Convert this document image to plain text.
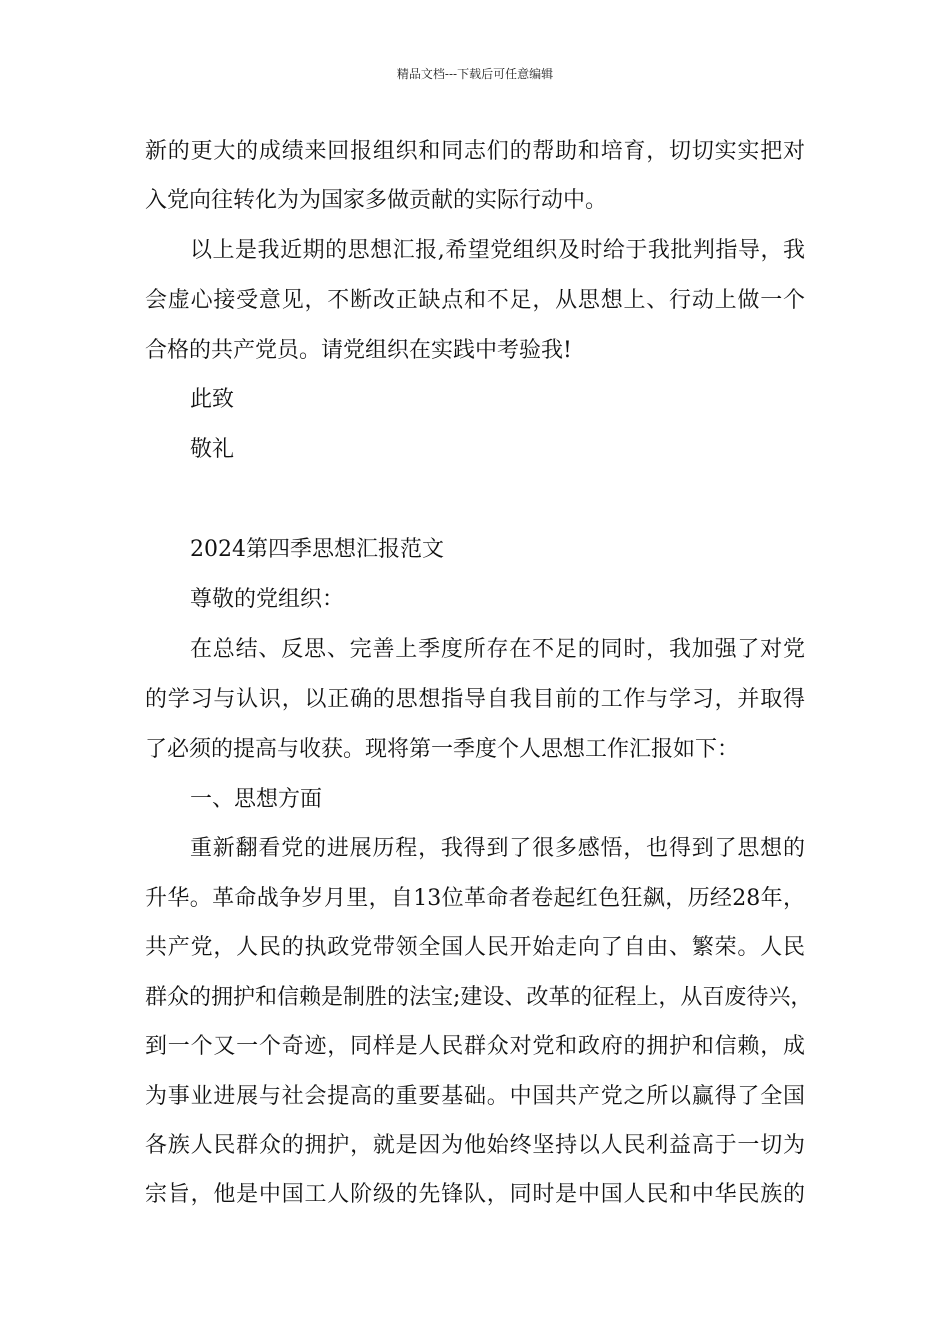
精品文档---下载后可任意编辑
新的更大的成绩来回报组织和同志们的帮助和培育，切切实实把对
入党向往转化为为国家多做贡献的实际行动中。
以上是我近期的思想汇报,希望党组织及时给于我批判指导，我
会虚心接受意见，不断改正缺点和不足，从思想上、行动上做一个
合格的共产党员。请党组织在实践中考验我!
此致
敬礼
2024第四季思想汇报范文
尊敬的党组织：
在总结、反思、完善上季度所存在不足的同时，我加强了对党
的学习与认识，以正确的思想指导自我目前的工作与学习，并取得
了必须的提高与收获。现将第一季度个人思想工作汇报如下：
一、思想方面
重新翻看党的进展历程，我得到了很多感悟，也得到了思想的
升华。革命战争岁月里，自13位革命者卷起红色狂飙，历经28年，
共产党，人民的执政党带领全国人民开始走向了自由、繁荣。人民
群众的拥护和信赖是制胜的法宝;建设、改革的征程上，从百废待兴，
到一个又一个奇迹，同样是人民群众对党和政府的拥护和信赖，成
为事业进展与社会提高的重要基础。中国共产党之所以赢得了全国
各族人民群众的拥护，就是因为他始终坚持以人民利益高于一切为
宗旨，他是中国工人阶级的先锋队，同时是中国人民和中华民族的
